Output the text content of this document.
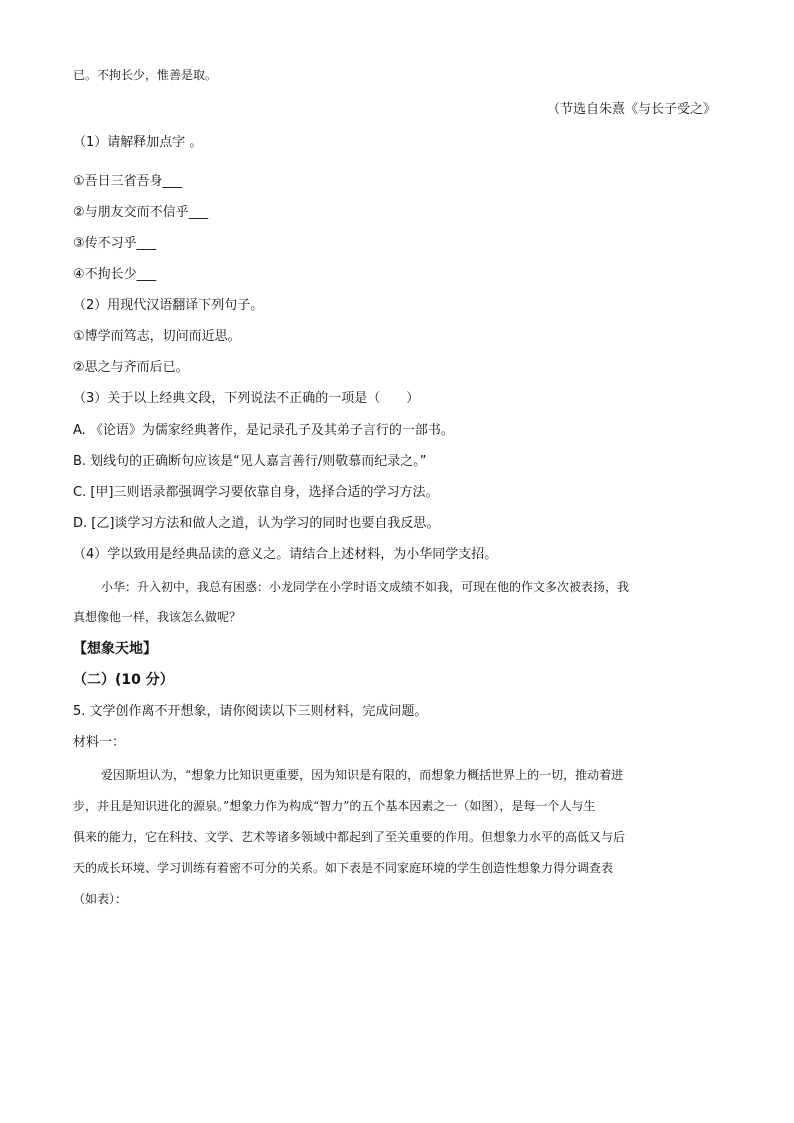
已。不拘长少，惟善是取。
（节选自朱熹《与长子受之》
（1）请解释加点字 。
①吾日三省吾身___
②与朋友交而不信乎___
③传不习乎___
④不拘长少___
（2）用现代汉语翻译下列句子。
①博学而笃志，切问而近思。
②思之与齐而后已。
（3）关于以上经典文段，下列说法不正确的一项是（　　）
A. 《论语》为儒家经典著作，是记录孔子及其弟子言行的一部书。
B. 划线句的正确断句应该是“见人嘉言善行/则敬慕而纪录之。”
C. [甲]三则语录都强调学习要依靠自身，选择合适的学习方法。
D. [乙]谈学习方法和做人之道，认为学习的同时也要自我反思。
（4）学以致用是经典品读的意义之。请结合上述材料，为小华同学支招。
小华：升入初中，我总有困惑：小龙同学在小学时语文成绩不如我，可现在他的作文多次被表扬，我
真想像他一样，我该怎么做呢？
【想象天地】
（二）(10 分）
5. 文学创作离不开想象，请你阅读以下三则材料，完成问题。
材料一：
爱因斯坦认为，“想象力比知识更重要，因为知识是有限的，而想象力概括世界上的一切，推动着进
步，并且是知识进化的源泉。”想象力作为构成“智力”的五个基本因素之一（如图），是每一个人与生
俱来的能力，它在科技、文学、艺术等诸多领域中都起到了至关重要的作用。但想象力水平的高低又与后
天的成长环境、学习训练有着密不可分的关系。如下表是不同家庭环境的学生创造性想象力得分调查表
（如表）：
